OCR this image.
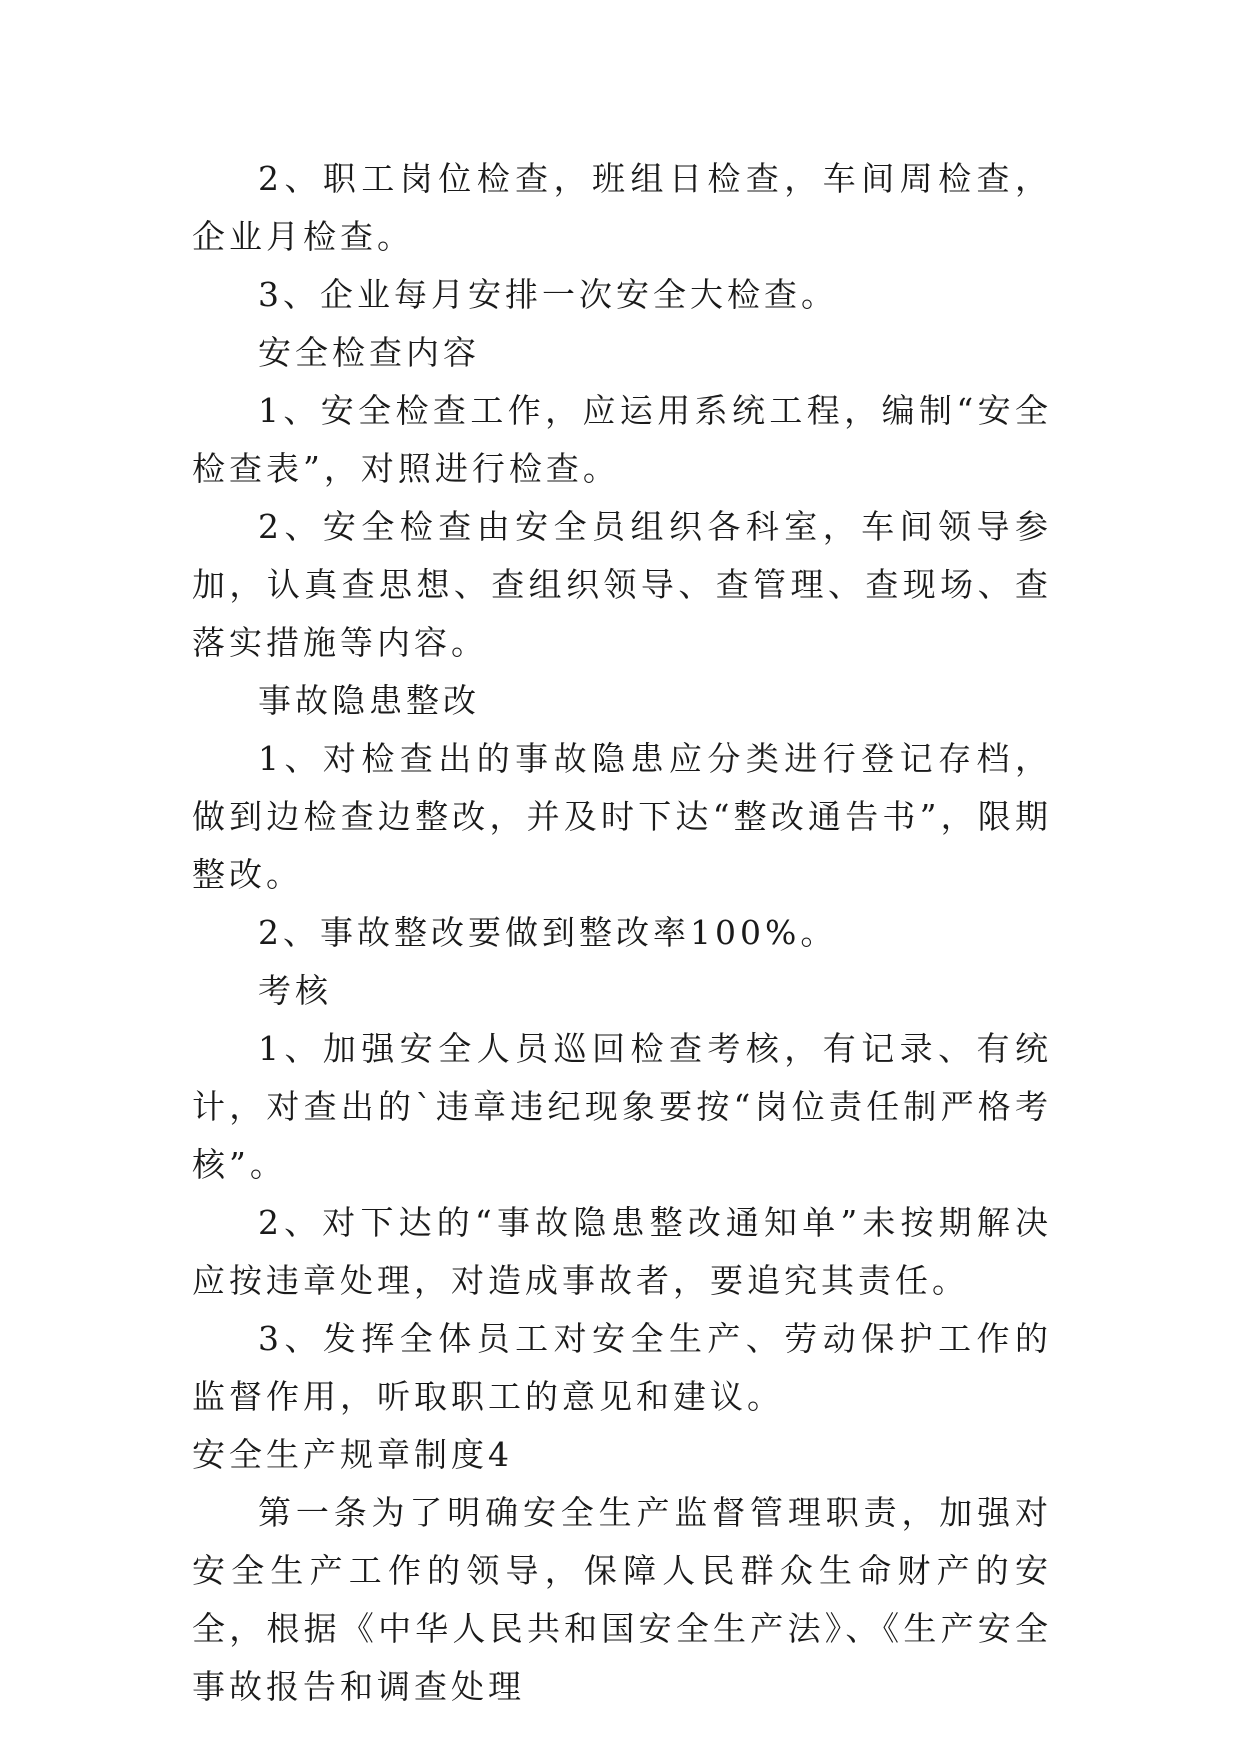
2、职工岗位检查，班组日检查，车间周检查，企业月检查。

3、企业每月安排一次安全大检查。

安全检查内容

1、安全检查工作，应运用系统工程，编制“安全检查表”，对照进行检查。

2、安全检查由安全员组织各科室，车间领导参加，认真查思想、查组织领导、查管理、查现场、查落实措施等内容。

事故隐患整改

1、对检查出的事故隐患应分类进行登记存档，做到边检查边整改，并及时下达“整改通告书”，限期整改。

2、事故整改要做到整改率100%。

考核

1、加强安全人员巡回检查考核，有记录、有统计，对查出的`违章违纪现象要按“岗位责任制严格考核”。

2、对下达的“事故隐患整改通知单”未按期解决应按违章处理，对造成事故者，要追究其责任。

3、发挥全体员工对安全生产、劳动保护工作的监督作用，听取职工的意见和建议。

安全生产规章制度4

第一条为了明确安全生产监督管理职责，加强对安全生产工作的领导，保障人民群众生命财产的安全，根据《中华人民共和国安全生产法》、《生产安全事故报告和调查处理
